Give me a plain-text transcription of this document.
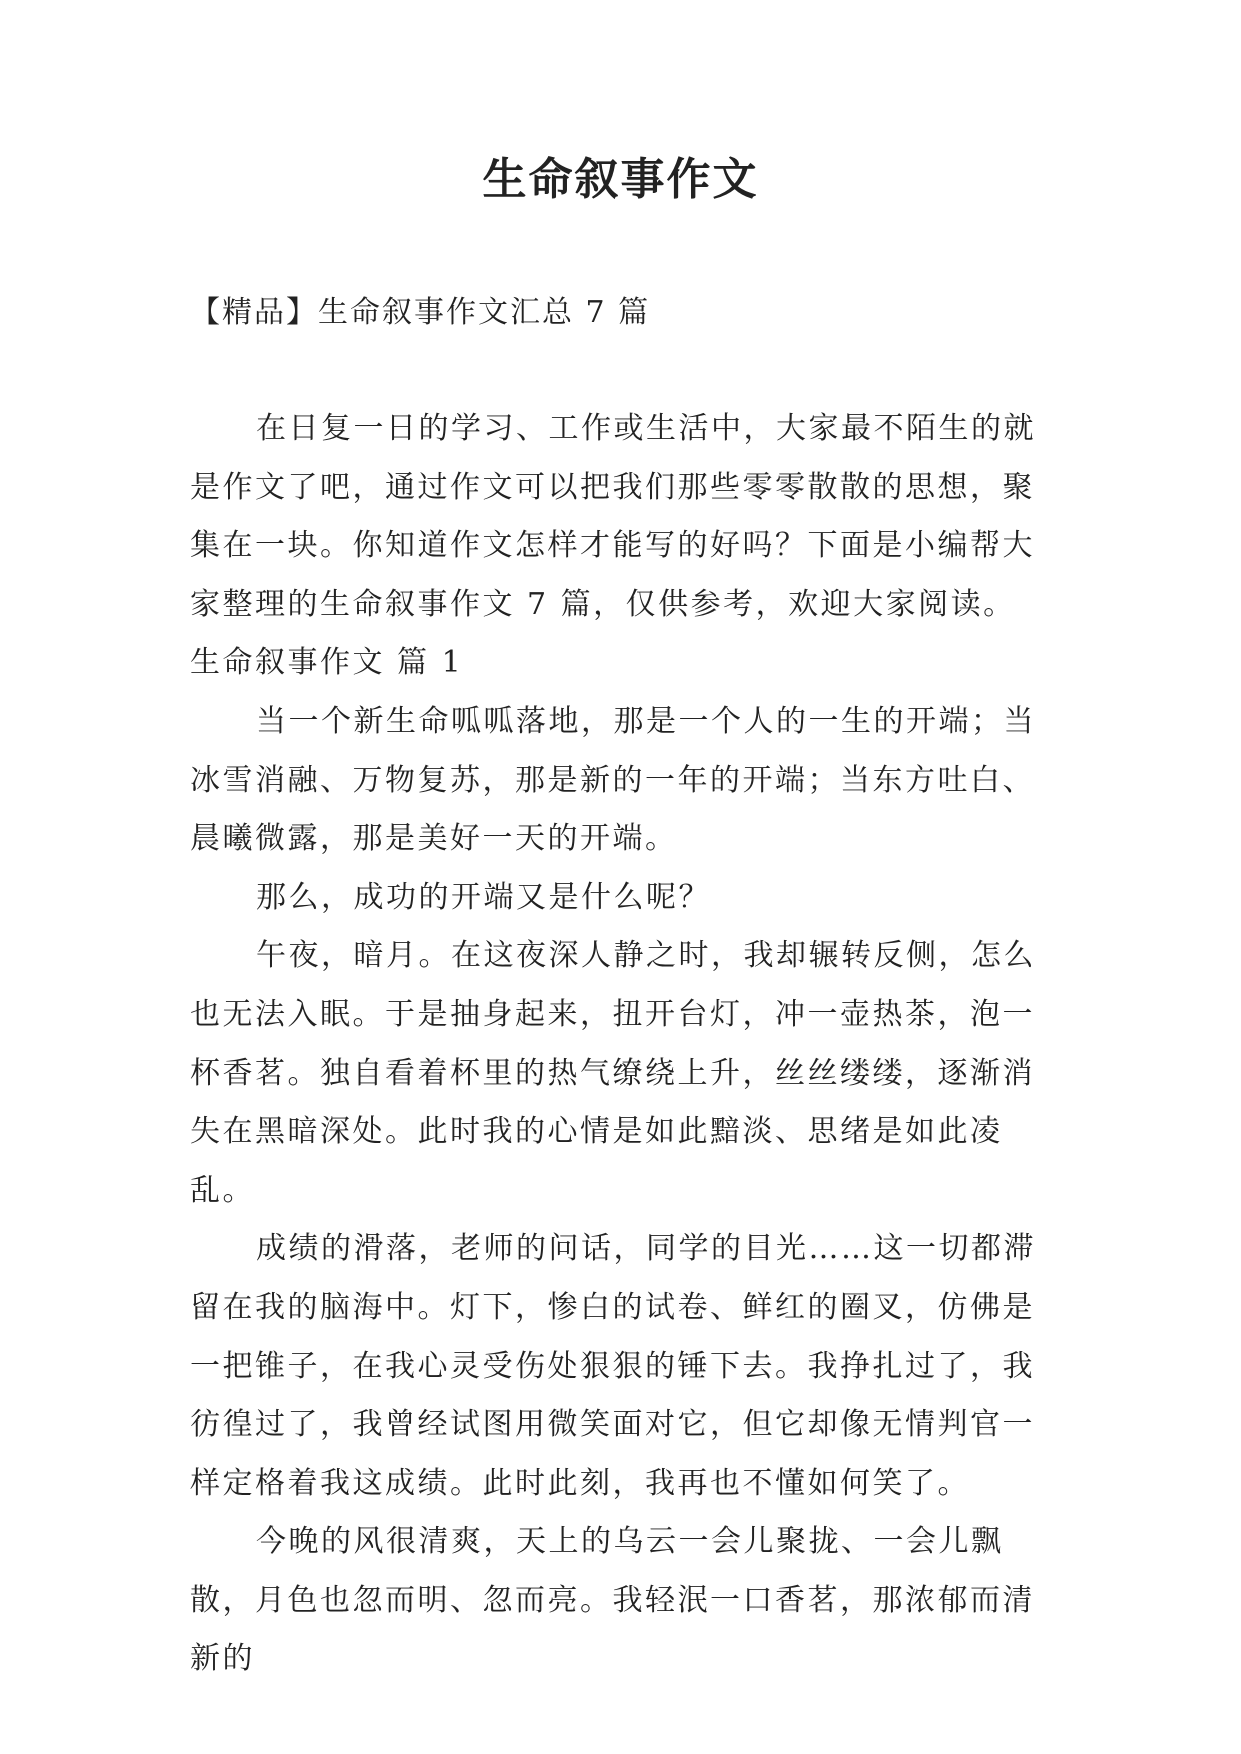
生命叙事作文

【精品】生命叙事作文汇总 7 篇

在日复一日的学习、工作或生活中，大家最不陌生的就是作文了吧，通过作文可以把我们那些零零散散的思想，聚集在一块。你知道作文怎样才能写的好吗？下面是小编帮大家整理的生命叙事作文 7 篇，仅供参考，欢迎大家阅读。

生命叙事作文 篇 1

当一个新生命呱呱落地，那是一个人的一生的开端；当冰雪消融、万物复苏，那是新的一年的开端；当东方吐白、晨曦微露，那是美好一天的开端。

那么，成功的开端又是什么呢？

午夜，暗月。在这夜深人静之时，我却辗转反侧，怎么也无法入眠。于是抽身起来，扭开台灯，冲一壶热茶，泡一杯香茗。独自看着杯里的热气缭绕上升，丝丝缕缕，逐渐消失在黑暗深处。此时我的心情是如此黯淡、思绪是如此凌乱。

成绩的滑落，老师的问话，同学的目光……这一切都滞留在我的脑海中。灯下，惨白的试卷、鲜红的圈叉，仿佛是一把锥子，在我心灵受伤处狠狠的锤下去。我挣扎过了，我彷徨过了，我曾经试图用微笑面对它，但它却像无情判官一样定格着我这成绩。此时此刻，我再也不懂如何笑了。

今晚的风很清爽，天上的乌云一会儿聚拢、一会儿飘散，月色也忽而明、忽而亮。我轻泯一口香茗，那浓郁而清新的
